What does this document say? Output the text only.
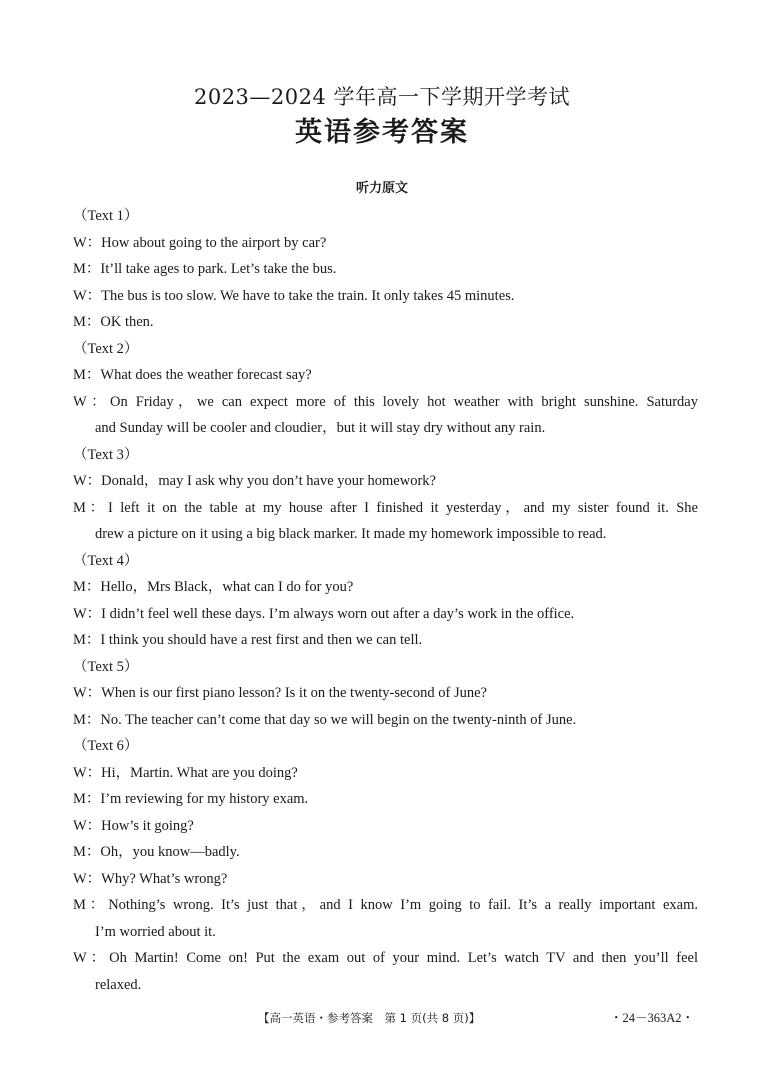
2023—2024 学年高一下学期开学考试
英语参考答案
听力原文
（Text 1）
W：How about going to the airport by car?
M：It’ll take ages to park. Let’s take the bus.
W：The bus is too slow. We have to take the train. It only takes 45 minutes.
M：OK then.
（Text 2）
M：What does the weather forecast say?
W：On Friday，we can expect more of this lovely hot weather with bright sunshine. Saturday
and Sunday will be cooler and cloudier，but it will stay dry without any rain.
（Text 3）
W：Donald，may I ask why you don’t have your homework?
M：I left it on the table at my house after I finished it yesterday，and my sister found it. She
drew a picture on it using a big black marker. It made my homework impossible to read.
（Text 4）
M：Hello，Mrs Black，what can I do for you?
W：I didn’t feel well these days. I’m always worn out after a day’s work in the office.
M：I think you should have a rest first and then we can tell.
（Text 5）
W：When is our first piano lesson? Is it on the twenty-second of June?
M：No. The teacher can’t come that day so we will begin on the twenty-ninth of June.
（Text 6）
W：Hi，Martin. What are you doing?
M：I’m reviewing for my history exam.
W：How’s it going?
M：Oh，you know—badly.
W：Why? What’s wrong?
M：Nothing’s wrong. It’s just that，and I know I’m going to fail. It’s a really important exam.
I’m worried about it.
W：Oh Martin! Come on! Put the exam out of your mind. Let’s watch TV and then you’ll feel
relaxed.
【高一英语・参考答案　第 1 页(共 8 页)】	・24－363A2・
